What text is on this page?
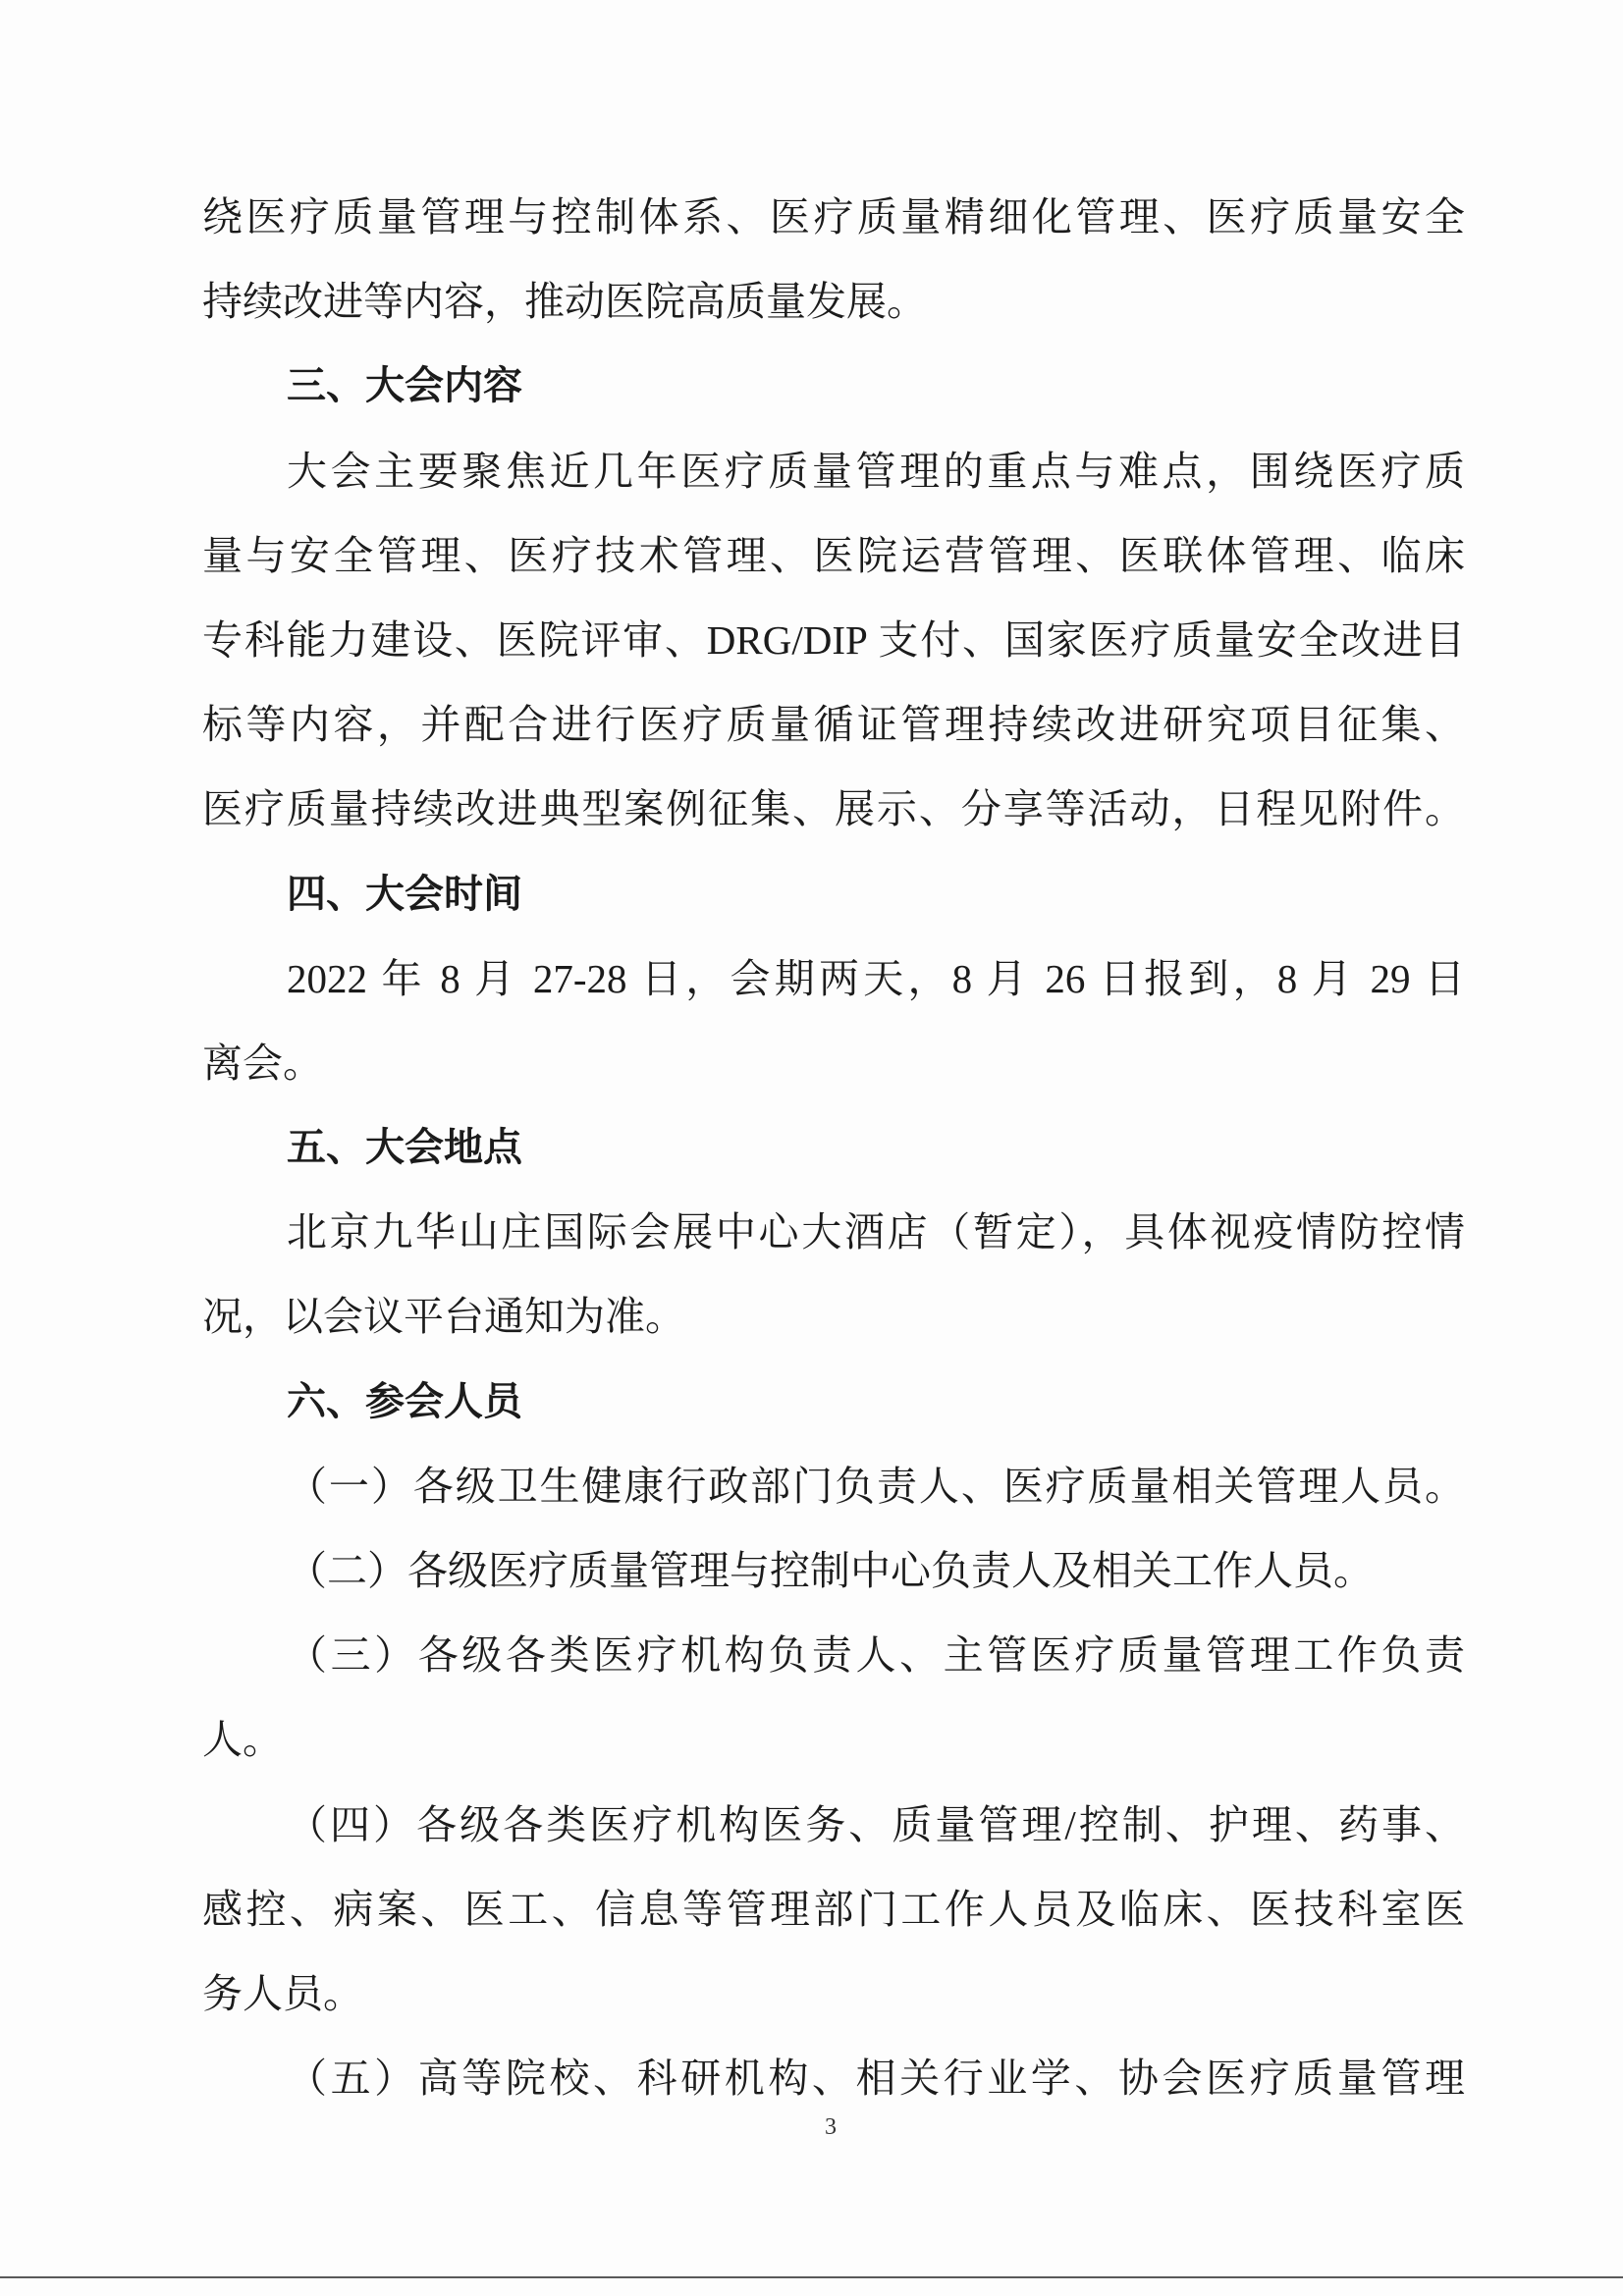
绕医疗质量管理与控制体系、医疗质量精细化管理、医疗质量安全
持续改进等内容，推动医院高质量发展。
三、大会内容
大会主要聚焦近几年医疗质量管理的重点与难点，围绕医疗质
量与安全管理、医疗技术管理、医院运营管理、医联体管理、临床
专科能力建设、医院评审、DRG/DIP 支付、国家医疗质量安全改进目
标等内容，并配合进行医疗质量循证管理持续改进研究项目征集、
医疗质量持续改进典型案例征集、展示、分享等活动，日程见附件。
四、大会时间
2022 年 8 月 27-28 日，会期两天，8 月 26 日报到，8 月 29 日
离会。
五、大会地点
北京九华山庄国际会展中心大酒店（暂定），具体视疫情防控情
况，以会议平台通知为准。
六、参会人员
（一）各级卫生健康行政部门负责人、医疗质量相关管理人员。
（二）各级医疗质量管理与控制中心负责人及相关工作人员。
（三）各级各类医疗机构负责人、主管医疗质量管理工作负责
人。
（四）各级各类医疗机构医务、质量管理/控制、护理、药事、
感控、病案、医工、信息等管理部门工作人员及临床、医技科室医
务人员。
（五）高等院校、科研机构、相关行业学、协会医疗质量管理
3
